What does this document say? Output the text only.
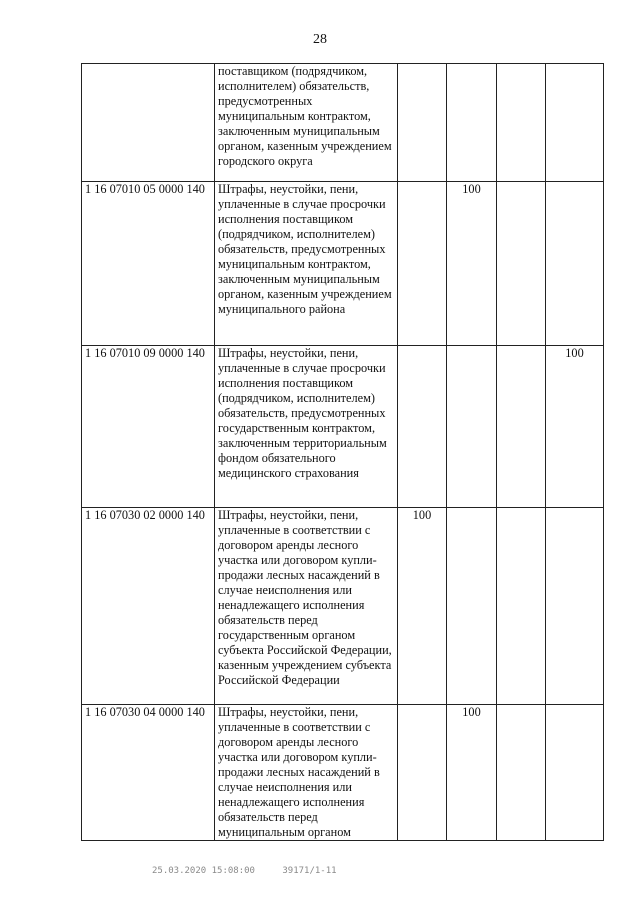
28
	поставщиком (подрядчиком, исполнителем) обязательств, предусмотренных муниципальным контрактом, заключенным муниципальным органом, казенным учреждением городского округа				
1 16 07010 05 0000 140	Штрафы, неустойки, пени, уплаченные в случае просрочки исполнения поставщиком (подрядчиком, исполнителем) обязательств, предусмотренных муниципальным контрактом, заключенным муниципальным органом, казенным учреждением муниципального района		100		
1 16 07010 09 0000 140	Штрафы, неустойки, пени, уплаченные в случае просрочки исполнения поставщиком (подрядчиком, исполнителем) обязательств, предусмотренных государственным контрактом, заключенным территориальным фондом обязательного медицинского страхования				100
1 16 07030 02 0000 140	Штрафы, неустойки, пени, уплаченные в соответствии с договором аренды лесного участка или договором купли-продажи лесных насаждений в случае неисполнения или ненадлежащего исполнения обязательств перед государственным органом субъекта Российской Федерации, казенным учреждением субъекта Российской Федерации	100			
1 16 07030 04 0000 140	Штрафы, неустойки, пени, уплаченные в соответствии с договором аренды лесного участка или договором купли-продажи лесных насаждений в случае неисполнения или ненадлежащего исполнения обязательств перед муниципальным органом		100		
25.03.2020 15:08:00	39171/1-11
